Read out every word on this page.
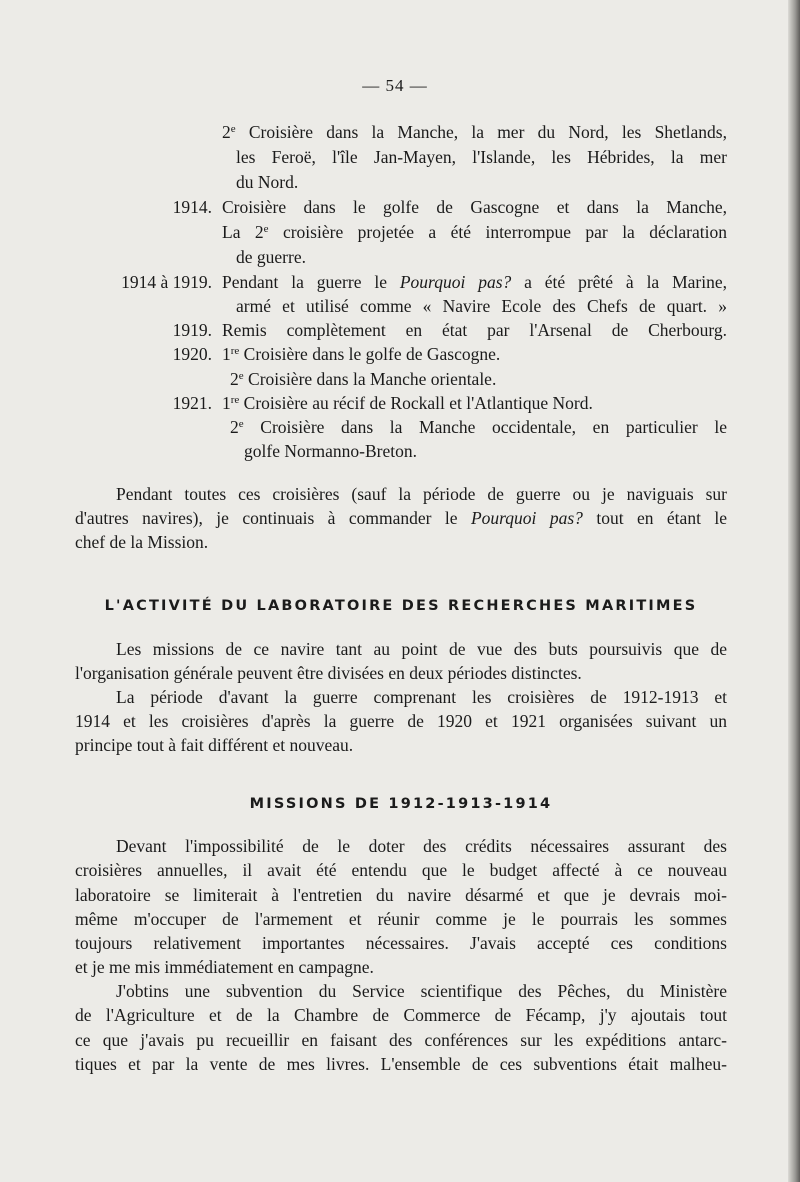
— 54 —
2e Croisière dans la Manche, la mer du Nord, les Shetlands,
les Feroë, l'île Jan-Mayen, l'Islande, les Hébrides, la mer
du Nord.
1914. Croisière dans le golfe de Gascogne et dans la Manche,
La 2e croisière projetée a été interrompue par la déclaration
de guerre.
1914 à 1919. Pendant la guerre le Pourquoi pas? a été prêté à la Marine,
armé et utilisé comme « Navire Ecole des Chefs de quart. »
1919. Remis complètement en état par l'Arsenal de Cherbourg.
1920. 1re Croisière dans le golfe de Gascogne.
2e Croisière dans la Manche orientale.
1921. 1re Croisière au récif de Rockall et l'Atlantique Nord.
2e Croisière dans la Manche occidentale, en particulier le
golfe Normanno-Breton.
Pendant toutes ces croisières (sauf la période de guerre ou je naviguais sur
d'autres navires), je continuais à commander le Pourquoi pas? tout en étant le
chef de la Mission.
L'ACTIVITÉ DU LABORATOIRE DES RECHERCHES MARITIMES
Les missions de ce navire tant au point de vue des buts poursuivis que de
l'organisation générale peuvent être divisées en deux périodes distinctes.
La période d'avant la guerre comprenant les croisières de 1912-1913 et
1914 et les croisières d'après la guerre de 1920 et 1921 organisées suivant un
principe tout à fait différent et nouveau.
MISSIONS DE 1912-1913-1914
Devant l'impossibilité de le doter des crédits nécessaires assurant des
croisières annuelles, il avait été entendu que le budget affecté à ce nouveau
laboratoire se limiterait à l'entretien du navire désarmé et que je devrais moi-
même m'occuper de l'armement et réunir comme je le pourrais les sommes
toujours relativement importantes nécessaires. J'avais accepté ces conditions
et je me mis immédiatement en campagne.
J'obtins une subvention du Service scientifique des Pêches, du Ministère
de l'Agriculture et de la Chambre de Commerce de Fécamp, j'y ajoutais tout
ce que j'avais pu recueillir en faisant des conférences sur les expéditions antarc-
tiques et par la vente de mes livres. L'ensemble de ces subventions était malheu-
